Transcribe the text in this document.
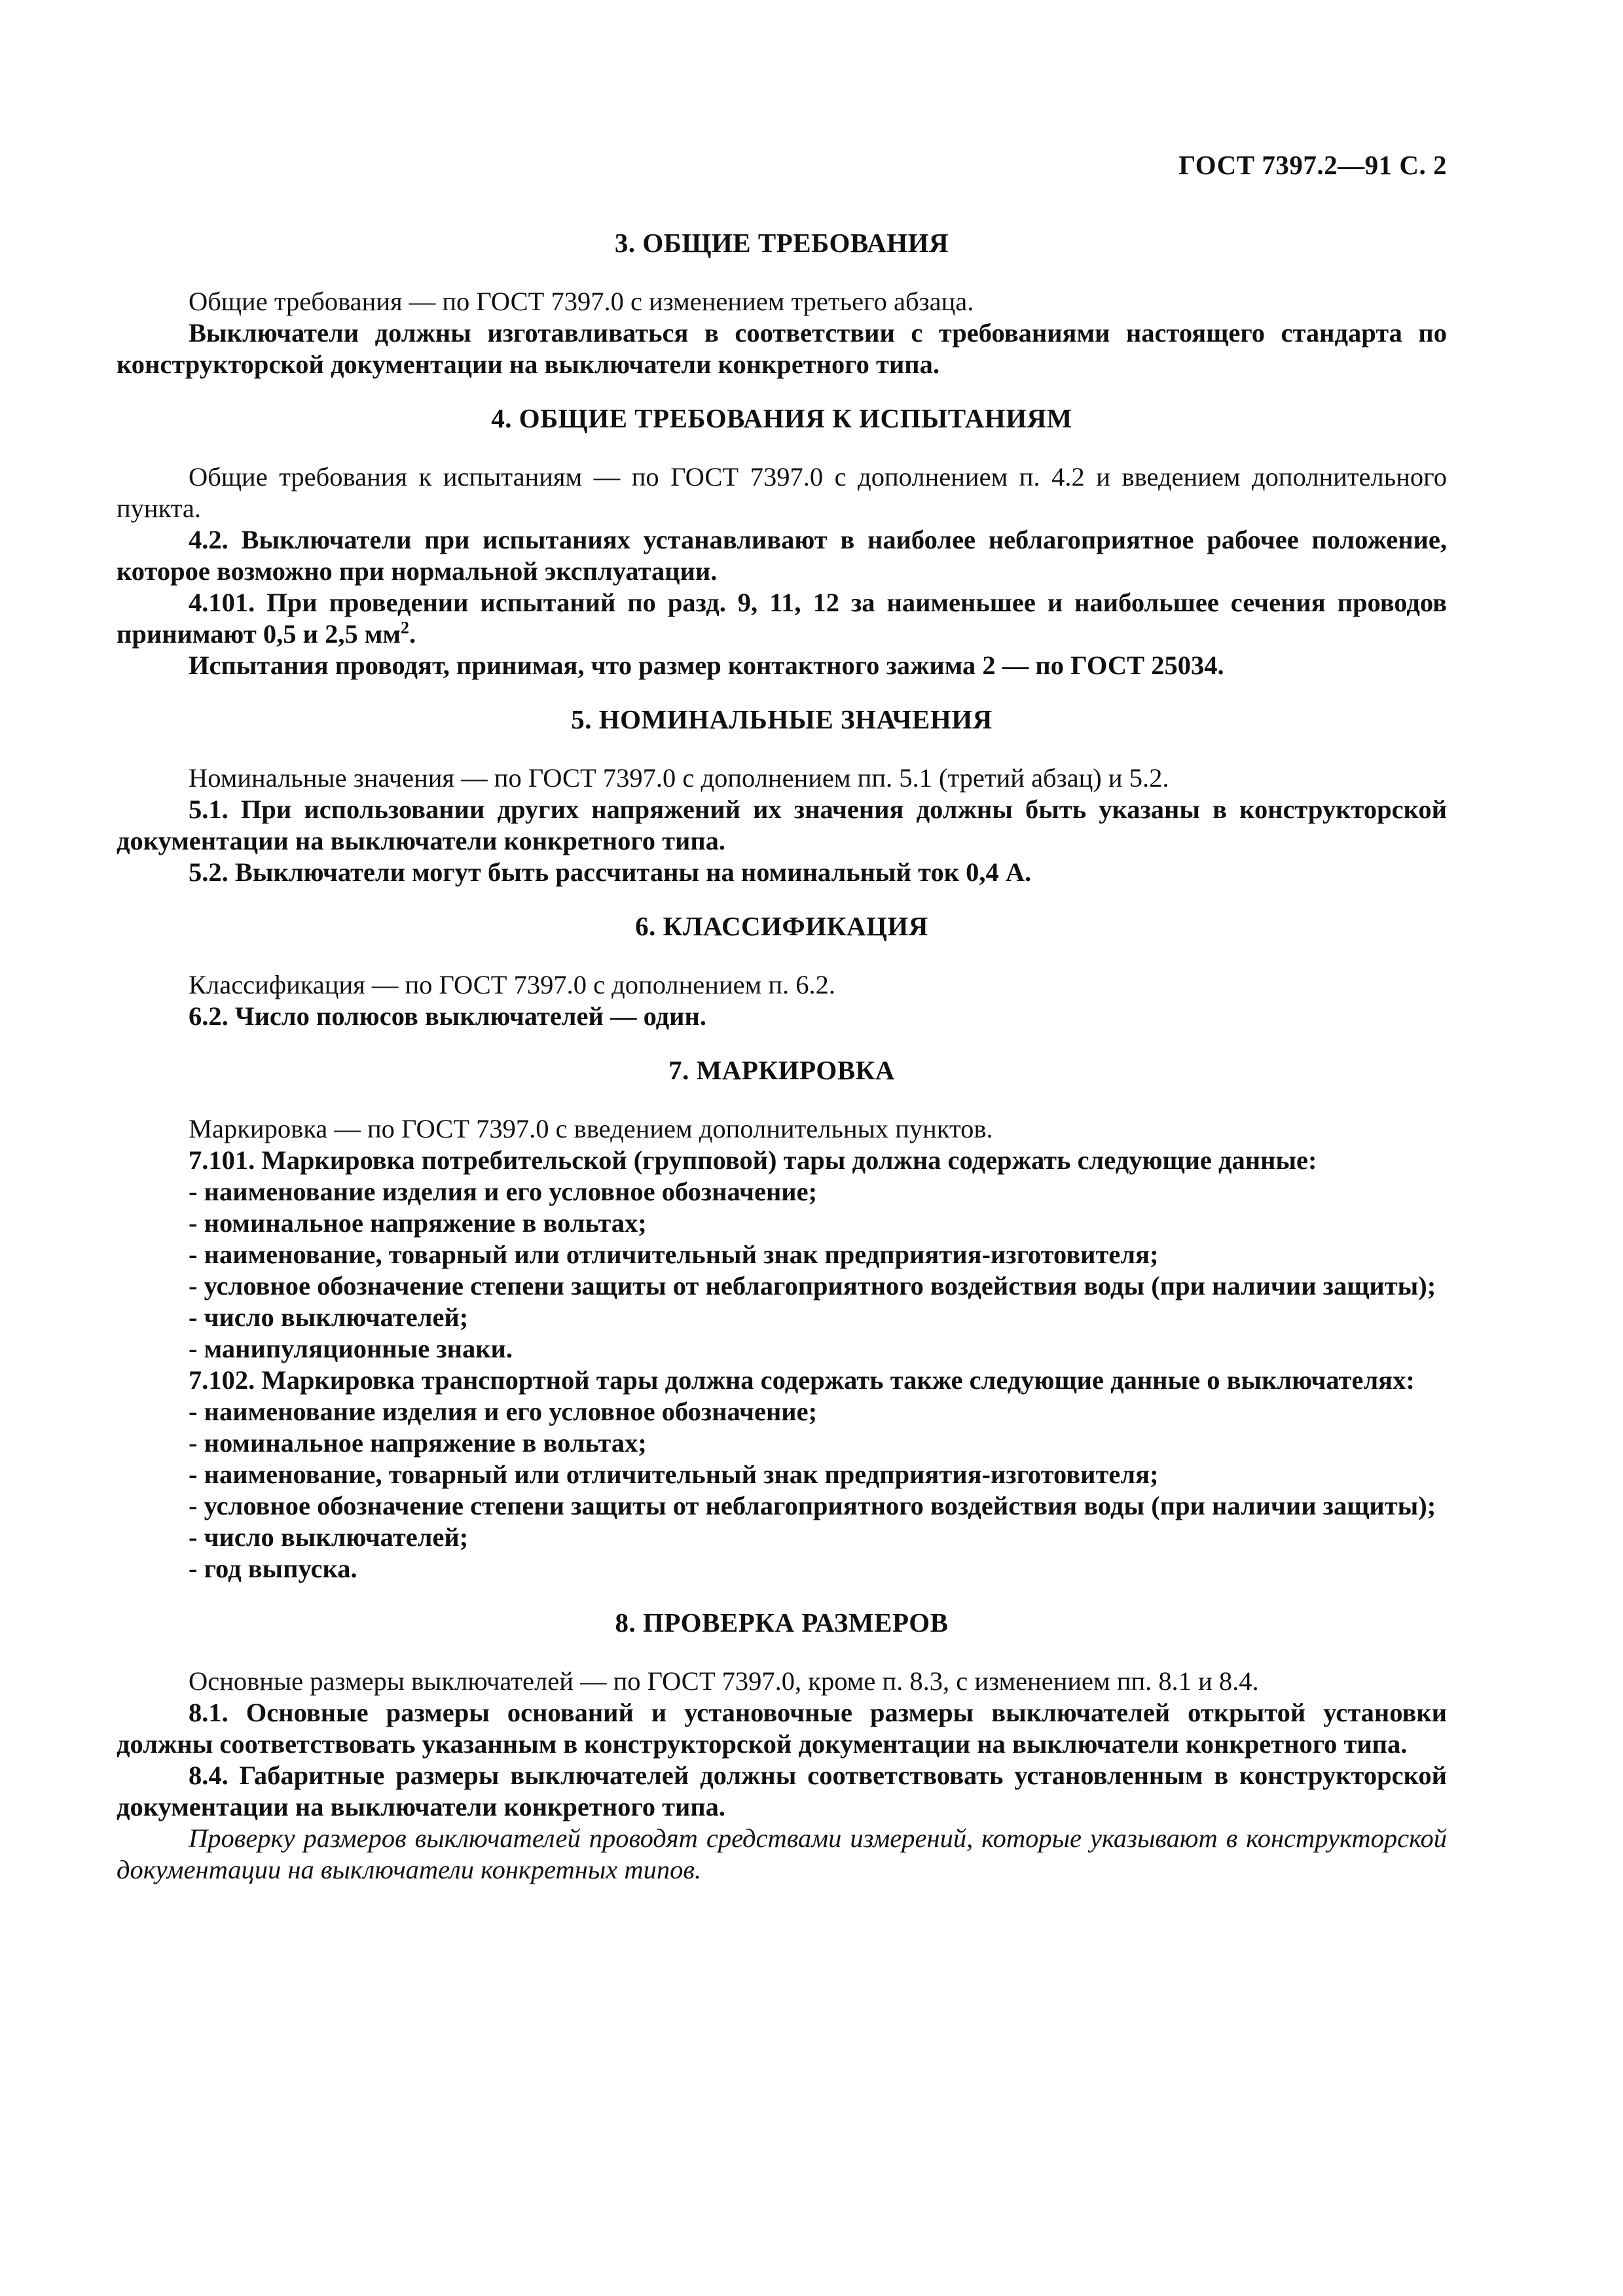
ГОСТ 7397.2—91 С. 2
3. ОБЩИЕ ТРЕБОВАНИЯ

Общие требования — по ГОСТ 7397.0 с изменением третьего абзаца.

Выключатели должны изготавливаться в соответствии с требованиями настоящего стандарта по конструкторской документации на выключатели конкретного типа.

4. ОБЩИЕ ТРЕБОВАНИЯ К ИСПЫТАНИЯМ

Общие требования к испытаниям — по ГОСТ 7397.0 с дополнением п. 4.2 и введением дополнительного пункта.

4.2. Выключатели при испытаниях устанавливают в наиболее неблагоприятное рабочее положение, которое возможно при нормальной эксплуатации.

4.101. При проведении испытаний по разд. 9, 11, 12 за наименьшее и наибольшее сечения проводов принимают 0,5 и 2,5 $мм^2$.

Испытания проводят, принимая, что размер контактного зажима 2 — по ГОСТ 25034.

5. НОМИНАЛЬНЫЕ ЗНАЧЕНИЯ

Номинальные значения — по ГОСТ 7397.0 с дополнением пп. 5.1 (третий абзац) и 5.2.

5.1. При использовании других напряжений их значения должны быть указаны в конструкторской документации на выключатели конкретного типа.

5.2. Выключатели могут быть рассчитаны на номинальный ток 0,4 А.

6. КЛАССИФИКАЦИЯ

Классификация — по ГОСТ 7397.0 с дополнением п. 6.2.

6.2. Число полюсов выключателей — один.

7. МАРКИРОВКА

Маркировка — по ГОСТ 7397.0 с введением дополнительных пунктов.

7.101. Маркировка потребительской (групповой) тары должна содержать следующие данные:

- наименование изделия и его условное обозначение;

- номинальное напряжение в вольтах;

- наименование, товарный или отличительный знак предприятия-изготовителя;

- условное обозначение степени защиты от неблагоприятного воздействия воды (при наличии защиты);

- число выключателей;

- манипуляционные знаки.

7.102. Маркировка транспортной тары должна содержать также следующие данные о выключателях:

- наименование изделия и его условное обозначение;

- номинальное напряжение в вольтах;

- наименование, товарный или отличительный знак предприятия-изготовителя;

- условное обозначение степени защиты от неблагоприятного воздействия воды (при наличии защиты);

- число выключателей;

- год выпуска.

8. ПРОВЕРКА РАЗМЕРОВ

Основные размеры выключателей — по ГОСТ 7397.0, кроме п. 8.3, с изменением пп. 8.1 и 8.4.

8.1. Основные размеры оснований и установочные размеры выключателей открытой установки должны соответствовать указанным в конструкторской документации на выключатели конкретного типа.

8.4. Габаритные размеры выключателей должны соответствовать установленным в конструкторской документации на выключатели конкретного типа.

Проверку размеров выключателей проводят средствами измерений, которые указывают в конструкторской документации на выключатели конкретных типов.
